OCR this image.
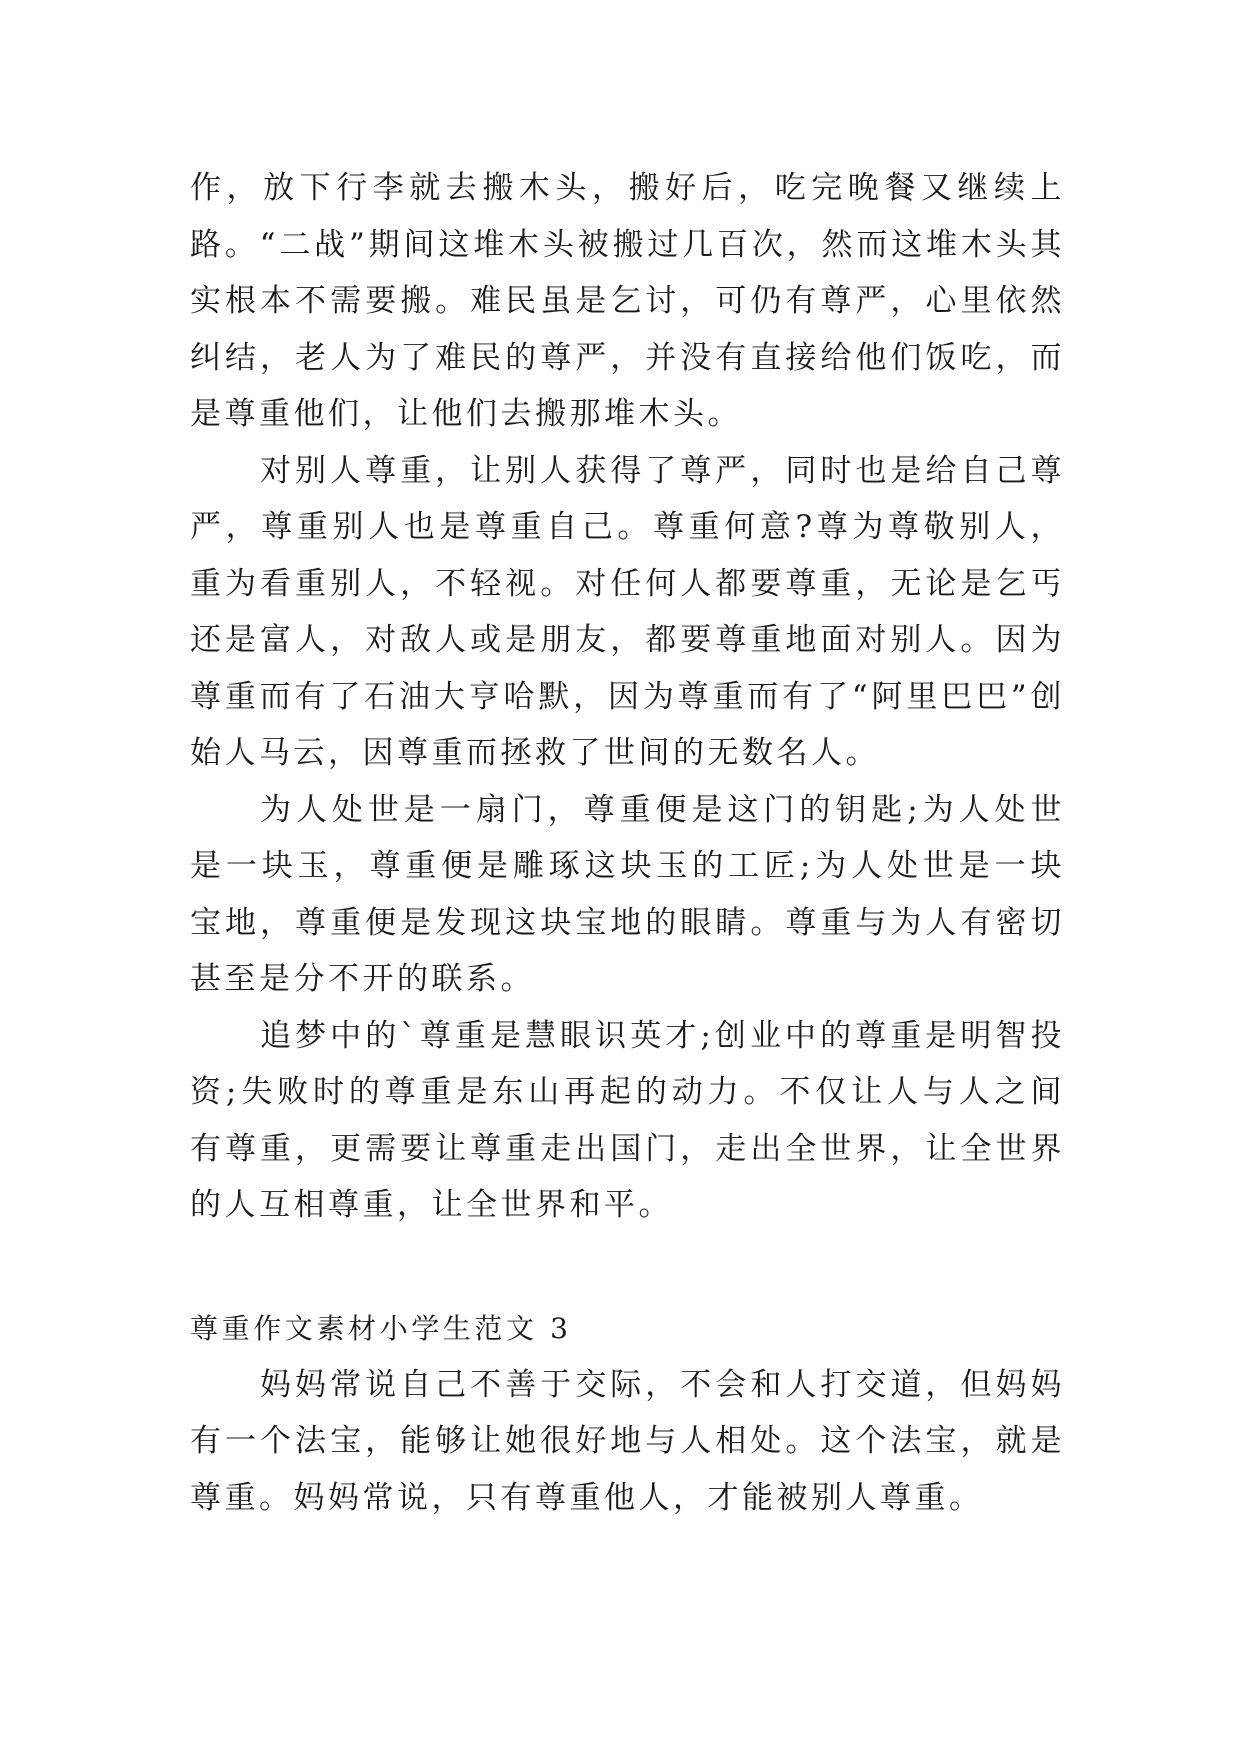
作，放下行李就去搬木头，搬好后，吃完晚餐又继续上路。“二战”期间这堆木头被搬过几百次，然而这堆木头其实根本不需要搬。难民虽是乞讨，可仍有尊严，心里依然纠结，老人为了难民的尊严，并没有直接给他们饭吃，而是尊重他们，让他们去搬那堆木头。

对别人尊重，让别人获得了尊严，同时也是给自己尊严，尊重别人也是尊重自己。尊重何意?尊为尊敬别人，重为看重别人，不轻视。对任何人都要尊重，无论是乞丐还是富人，对敌人或是朋友，都要尊重地面对别人。因为尊重而有了石油大亨哈默，因为尊重而有了“阿里巴巴”创始人马云，因尊重而拯救了世间的无数名人。

为人处世是一扇门，尊重便是这门的钥匙;为人处世是一块玉，尊重便是雕琢这块玉的工匠;为人处世是一块宝地，尊重便是发现这块宝地的眼睛。尊重与为人有密切甚至是分不开的联系。

追梦中的`尊重是慧眼识英才;创业中的尊重是明智投资;失败时的尊重是东山再起的动力。不仅让人与人之间有尊重，更需要让尊重走出国门，走出全世界，让全世界的人互相尊重，让全世界和平。

尊重作文素材小学生范文 3

妈妈常说自己不善于交际，不会和人打交道，但妈妈有一个法宝，能够让她很好地与人相处。这个法宝，就是尊重。妈妈常说，只有尊重他人，才能被别人尊重。
